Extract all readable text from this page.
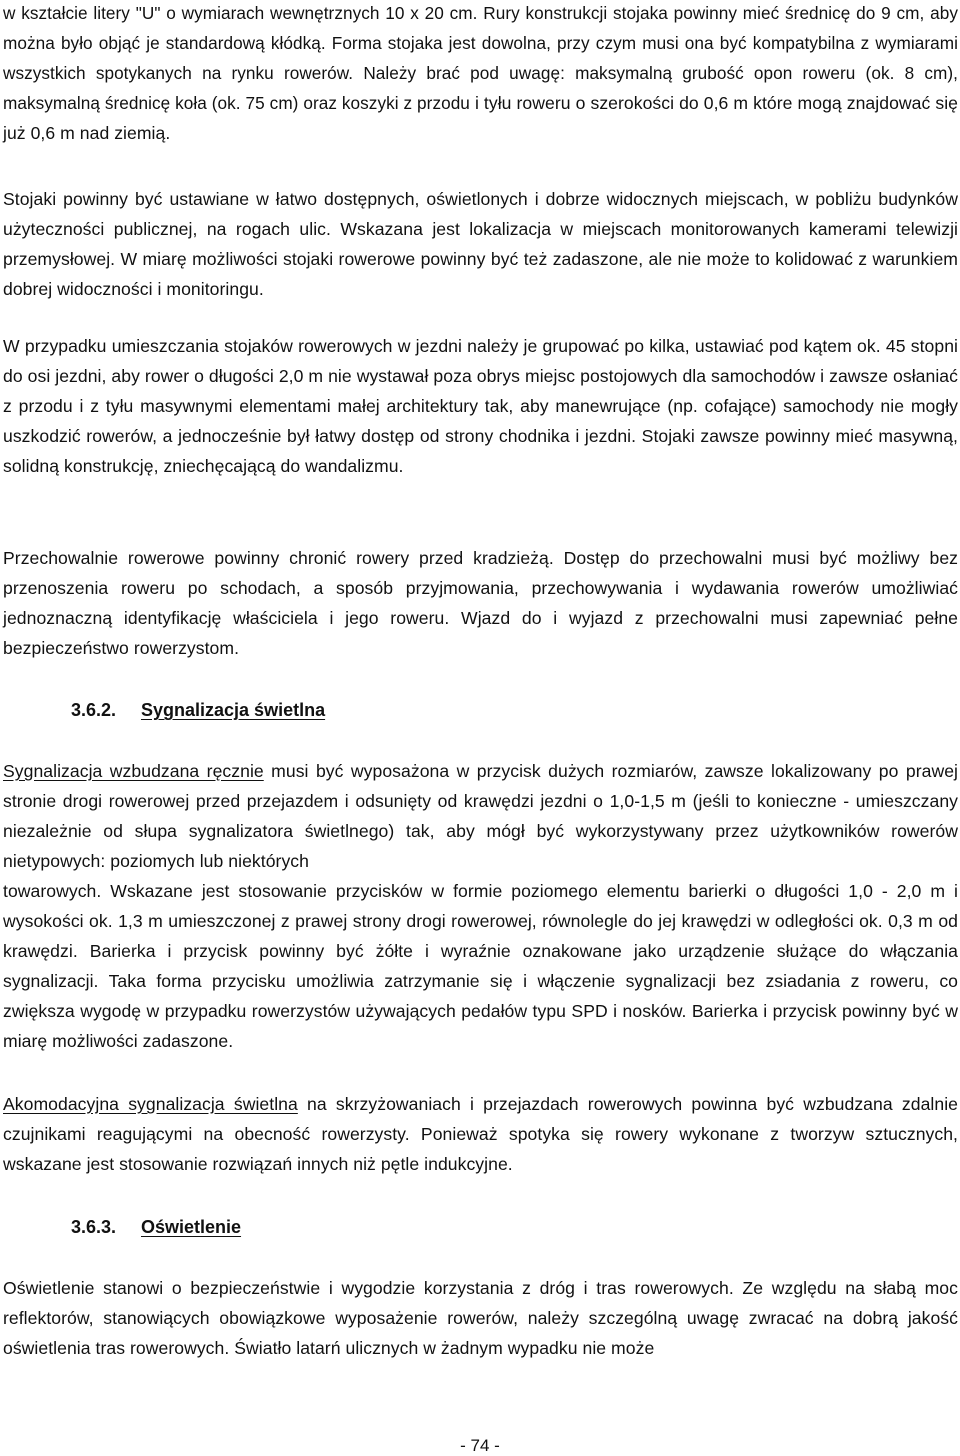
w kształcie litery "U" o wymiarach wewnętrznych 10 x 20 cm. Rury konstrukcji stojaka powinny mieć średnicę do 9 cm, aby można było objąć je standardową kłódką. Forma stojaka jest dowolna, przy czym musi ona być kompatybilna z wymiarami wszystkich spotykanych na rynku rowerów. Należy brać pod uwagę: maksymalną grubość opon roweru (ok. 8 cm), maksymalną średnicę koła (ok. 75 cm) oraz koszyki z przodu i tyłu roweru o szerokości do 0,6 m które mogą znajdować się już 0,6 m nad ziemią.

Stojaki powinny być ustawiane w łatwo dostępnych, oświetlonych i dobrze widocznych miejscach, w pobliżu budynków użyteczności publicznej, na rogach ulic. Wskazana jest lokalizacja w miejscach monitorowanych kamerami telewizji przemysłowej. W miarę możliwości stojaki rowerowe powinny być też zadaszone, ale nie może to kolidować z warunkiem dobrej widoczności i monitoringu.

W przypadku umieszczania stojaków rowerowych w jezdni należy je grupować po kilka, ustawiać pod kątem ok. 45 stopni do osi jezdni, aby rower o długości 2,0 m nie wystawał poza obrys miejsc postojowych dla samochodów i zawsze osłaniać z przodu i z tyłu masywnymi elementami małej architektury tak, aby manewrujące (np. cofające) samochody nie mogły uszkodzić rowerów, a jednocześnie był łatwy dostęp od strony chodnika i jezdni. Stojaki zawsze powinny mieć masywną, solidną konstrukcję, zniechęcającą do wandalizmu.

Przechowalnie rowerowe powinny chronić rowery przed kradzieżą. Dostęp do przechowalni musi być możliwy bez przenoszenia roweru po schodach, a sposób przyjmowania, przechowywania i wydawania rowerów umożliwiać jednoznaczną identyfikację właściciela i jego roweru. Wjazd do i wyjazd z przechowalni musi zapewniać pełne bezpieczeństwo rowerzystom.

3.6.2. Sygnalizacja świetlna

Sygnalizacja wzbudzana ręcznie musi być wyposażona w przycisk dużych rozmiarów, zawsze lokalizowany po prawej stronie drogi rowerowej przed przejazdem i odsunięty od krawędzi jezdni o 1,0-1,5 m (jeśli to konieczne - umieszczany niezależnie od słupa sygnalizatora świetlnego) tak, aby mógł być wykorzystywany przez użytkowników rowerów nietypowych: poziomych lub niektórych
towarowych. Wskazane jest stosowanie przycisków w formie poziomego elementu barierki o długości 1,0 - 2,0 m i wysokości ok. 1,3 m umieszczonej z prawej strony drogi rowerowej, równolegle do jej krawędzi w odległości ok. 0,3 m od krawędzi. Barierka i przycisk powinny być żółte i wyraźnie oznakowane jako urządzenie służące do włączania sygnalizacji. Taka forma przycisku umożliwia zatrzymanie się i włączenie sygnalizacji bez zsiadania z roweru, co zwiększa wygodę w przypadku rowerzystów używających pedałów typu SPD i nosków. Barierka i przycisk powinny być w miarę możliwości zadaszone.

Akomodacyjna sygnalizacja świetlna na skrzyżowaniach i przejazdach rowerowych powinna być wzbudzana zdalnie czujnikami reagującymi na obecność rowerzysty. Ponieważ spotyka się rowery wykonane z tworzyw sztucznych, wskazane jest stosowanie rozwiązań innych niż pętle indukcyjne.

3.6.3. Oświetlenie

Oświetlenie stanowi o bezpieczeństwie i wygodzie korzystania z dróg i tras rowerowych. Ze względu na słabą moc reflektorów, stanowiących obowiązkowe wyposażenie rowerów, należy szczególną uwagę zwracać na dobrą jakość oświetlenia tras rowerowych. Światło latarń ulicznych w żadnym wypadku nie może

- 74 -
